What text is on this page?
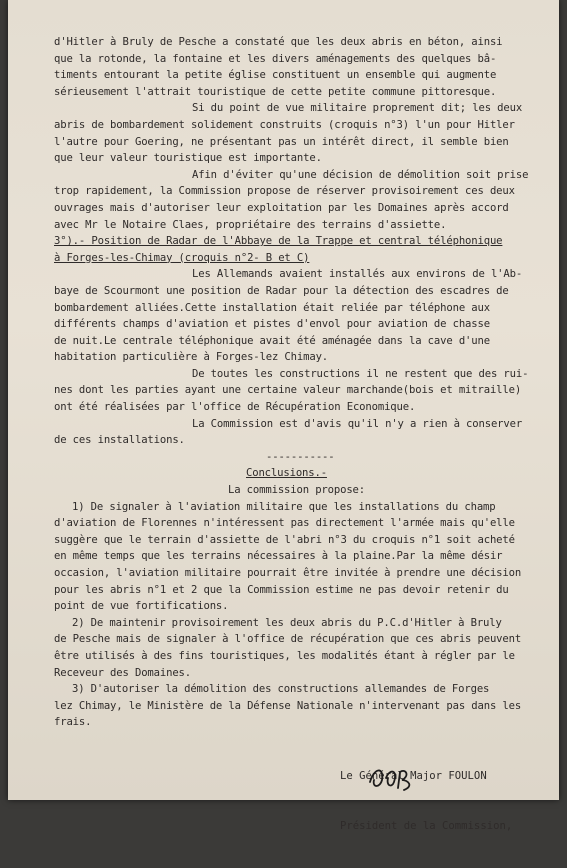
d'Hitler à Bruly de Pesche a constaté que les deux abris en béton, ainsi
que la rotonde, la fontaine et les divers aménagements des quelques bâ-
timents entourant la petite église constituent un ensemble qui augmente
sérieusement l'attrait touristique de cette petite commune pittoresque.
Si du point de vue militaire proprement dit; les deux
abris de bombardement solidement construits (croquis n°3) l'un pour Hitler
l'autre pour Goering, ne présentant pas un intérêt direct, il semble bien
que leur valeur touristique est importante.
Afin d'éviter qu'une décision de démolition soit prise
trop rapidement, la Commission propose de réserver provisoirement ces deux
ouvrages mais d'autoriser leur exploitation par les Domaines après accord
avec Mr le Notaire Claes, propriétaire des terrains d'assiette.
3°).- Position de Radar de l'Abbaye de la Trappe et central téléphonique
à Forges-les-Chimay (croquis n°2- B et C)
Les Allemands avaient installés aux environs de l'Ab-
baye de Scourmont une position de Radar pour la détection des escadres de
bombardement alliées.Cette installation était reliée par téléphone aux
différents champs d'aviation et pistes d'envol pour aviation de chasse
de nuit.Le centrale téléphonique avait été aménagée dans la cave d'une
habitation particulière à Forges-lez Chimay.
De toutes les constructions il ne restent que des rui-
nes dont les parties ayant une certaine valeur marchande(bois et mitraille)
ont été réalisées par l'office de Récupération Economique.
La Commission est d'avis qu'il n'y a rien à conserver
de ces installations.
-----------
Conclusions.-
La commission propose:
1) De signaler à l'aviation militaire que les installations du champ
d'aviation de Florennes n'intéressent pas directement l'armée mais qu'elle
suggère que le terrain d'assiette de l'abri n°3 du croquis n°1 soit acheté
en même temps que les terrains nécessaires à la plaine.Par la même désir
occasion, l'aviation militaire pourrait être invitée à prendre une décision
pour les abris n°1 et 2 que la Commission estime ne pas devoir retenir du
point de vue fortifications.
2) De maintenir provisoirement les deux abris du P.C.d'Hitler à Bruly
de Pesche mais de signaler à l'office de récupération que ces abris peuvent
être utilisés à des fins touristiques, les modalités étant à régler par le
Receveur des Domaines.
3) D'autoriser la démolition des constructions allemandes de Forges
lez Chimay, le Ministère de la Défense Nationale n'intervenant pas dans les
frais.

Le Général Major FOULON

Président de la Commission,
